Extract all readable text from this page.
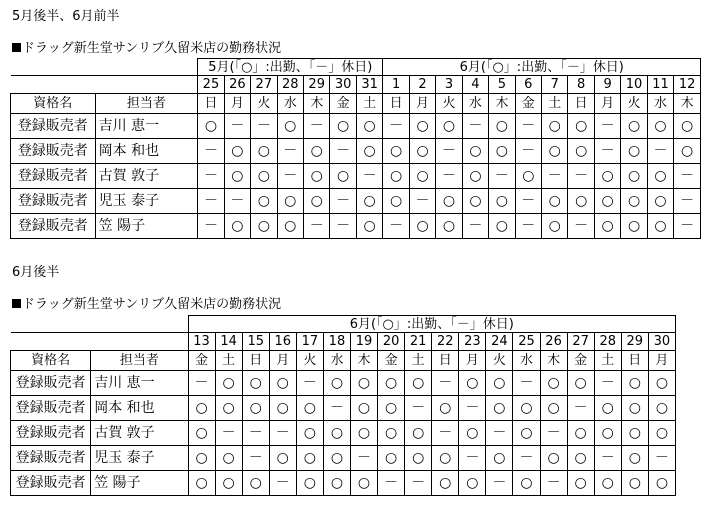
5月後半、6月前半
ドラッグ新生堂サンリブ久留米店の勤務状況
		5月(「○」:出勤、「－」休日)							6月(「○」:出勤、「－」休日)											
		25	26	27	28	29	30	31	1	2	3	4	5	6	7	8	9	10	11	12
資格名	担当者	日	月	火	水	木	金	土	日	月	火	水	木	金	土	日	月	火	水	木
登録販売者	吉川 恵一	○	－	－	○	－	○	○	－	○	○	－	○	－	○	○	－	○	○	○
登録販売者	岡本 和也	－	○	○	－	○	－	○	○	○	－	○	○	－	○	○	－	○	－	○
登録販売者	古賀 敦子	－	○	○	－	○	○	－	○	○	－	○	－	○	－	－	○	○	○	－
登録販売者	児玉 泰子	－	－	○	○	○	－	○	○	－	○	○	○	－	○	○	○	○	○	－
登録販売者	笠 陽子	－	○	○	○	－	－	○	－	○	○	－	○	－	○	－	○	○	○	－
6月後半
ドラッグ新生堂サンリブ久留米店の勤務状況
		6月(「○」:出勤、「－」休日)																	
		13	14	15	16	17	18	19	20	21	22	23	24	25	26	27	28	29	30
資格名	担当者	金	土	日	月	火	水	木	金	土	日	月	火	水	木	金	土	日	月
登録販売者	吉川 恵一	－	○	○	○	－	○	○	○	○	－	○	○	－	○	○	－	○	○
登録販売者	岡本 和也	○	○	○	○	○	－	○	○	－	○	－	○	○	○	－	○	○	○
登録販売者	古賀 敦子	○	－	－	－	○	○	○	○	○	－	○	－	○	－	○	○	○	○
登録販売者	児玉 泰子	○	○	－	○	○	○	－	○	○	○	－	○	－	○	○	－	○	－
登録販売者	笠 陽子	○	○	○	－	○	○	○	－	－	○	○	－	○	－	○	○	○	○
